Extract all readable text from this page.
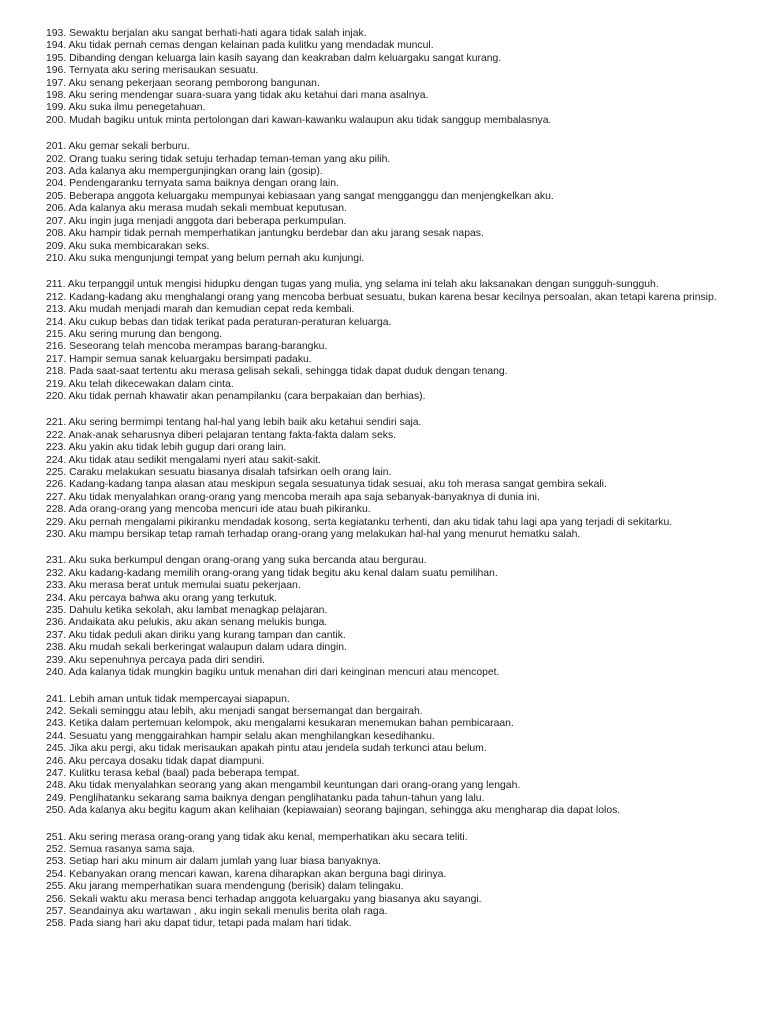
193. Sewaktu berjalan aku sangat berhati-hati agara tidak salah injak.
194. Aku tidak pernah cemas dengan kelainan pada kulitku yang mendadak muncul.
195. Dibanding dengan keluarga lain kasih sayang dan keakraban dalm keluargaku sangat kurang.
196. Ternyata aku sering merisaukan sesuatu.
197. Aku senang pekerjaan seorang pemborong bangunan.
198. Aku sering mendengar suara-suara yang tidak aku ketahui dari mana asalnya.
199. Aku suka ilmu penegetahuan.
200. Mudah bagiku untuk minta pertolongan dari kawan-kawanku walaupun aku tidak sanggup membalasnya.
201. Aku gemar sekali berburu.
202. Orang tuaku sering tidak setuju terhadap teman-teman yang aku pilih.
203. Ada kalanya aku mempergunjingkan orang lain (gosip).
204. Pendengaranku ternyata sama baiknya dengan orang lain.
205. Beberapa anggota keluargaku mempunyai kebiasaan yang sangat mengganggu dan menjengkelkan aku.
206. Ada kalanya aku merasa mudah sekali membuat keputusan.
207. Aku ingin juga menjadi anggota dari beberapa perkumpulan.
208. Aku hampir tidak pernah memperhatikan jantungku berdebar dan aku jarang sesak napas.
209. Aku suka membicarakan seks.
210. Aku suka mengunjungi tempat yang belum pernah aku kunjungi.
211. Aku terpanggil untuk mengisi hidupku dengan tugas yang mulia, yng selama ini telah aku laksanakan dengan sungguh-sungguh.
212. Kadang-kadang aku menghalangi orang yang mencoba berbuat sesuatu, bukan karena besar kecilnya persoalan, akan tetapi karena prinsip.
213. Aku mudah menjadi marah dan kemudian cepat reda kembali.
214. Aku cukup bebas dan tidak terikat pada peraturan-peraturan keluarga.
215. Aku sering murung dan bengong.
216. Seseorang telah mencoba merampas barang-barangku.
217. Hampir semua sanak keluargaku bersimpati padaku.
218. Pada saat-saat tertentu aku merasa gelisah sekali, sehingga tidak dapat duduk dengan tenang.
219. Aku telah dikecewakan dalam cinta.
220. Aku tidak pernah khawatir akan penampilanku (cara berpakaian dan berhias).
221. Aku sering bermimpi tentang hal-hal yang lebih baik aku ketahui sendiri saja.
222. Anak-anak seharusnya diberi pelajaran tentang fakta-fakta dalam seks.
223. Aku yakin aku tidak lebih gugup dari orang lain.
224. Aku tidak atau sedikit mengalami nyeri atau sakit-sakit.
225. Caraku melakukan sesuatu biasanya disalah tafsirkan oelh orang lain.
226. Kadang-kadang tanpa alasan atau meskipun segala sesuatunya tidak sesuai, aku toh merasa sangat gembira sekali.
227. Aku tidak menyalahkan orang-orang yang mencoba meraih apa saja sebanyak-banyaknya di dunia ini.
228. Ada orang-orang yang mencoba mencuri ide atau buah pikiranku.
229. Aku pernah mengalami pikiranku mendadak kosong, serta kegiatanku terhenti, dan aku tidak tahu lagi apa yang terjadi di sekitarku.
230. Aku mampu bersikap tetap ramah terhadap orang-orang yang melakukan hal-hal yang menurut hematku salah.
231. Aku suka berkumpul dengan orang-orang yang suka bercanda atau bergurau.
232. Aku kadang-kadang memilih orang-orang yang tidak begitu aku kenal dalam suatu pemilihan.
233. Aku merasa berat untuk memulai suatu pekerjaan.
234. Aku percaya bahwa aku orang yang terkutuk.
235. Dahulu ketika sekolah, aku lambat menagkap pelajaran.
236. Andaikata aku pelukis, aku akan senang melukis bunga.
237. Aku tidak peduli akan diriku yang kurang tampan dan cantik.
238. Aku mudah sekali berkeringat walaupun dalam udara dingin.
239. Aku sepenuhnya percaya pada diri sendiri.
240. Ada kalanya tidak mungkin bagiku untuk menahan diri dari keinginan mencuri atau mencopet.
241. Lebih aman untuk tidak mempercayai siapapun.
242. Sekali seminggu atau lebih, aku menjadi sangat bersemangat dan bergairah.
243. Ketika dalam pertemuan kelompok, aku mengalami kesukaran menemukan bahan pembicaraan.
244. Sesuatu yang menggairahkan hampir selalu akan menghilangkan kesedihanku.
245. Jika aku pergi, aku tidak merisaukan apakah pintu atau jendela sudah terkunci atau belum.
246. Aku percaya dosaku tidak dapat diampuni.
247. Kulitku terasa kebal (baal) pada beberapa tempat.
248. Aku tidak menyalahkan seorang yang akan mengambil keuntungan dari orang-orang yang lengah.
249. Penglihatanku sekarang sama baiknya dengan penglihatanku pada tahun-tahun yang lalu.
250. Ada kalanya aku begitu kagum akan kelihaian (kepiawaian) seorang bajingan, sehingga aku mengharap dia dapat lolos.
251. Aku sering merasa orang-orang yang tidak aku kenal, memperhatikan aku secara teliti.
252. Semua rasanya sama saja.
253. Setiap hari aku minum air dalam jumlah yang luar biasa banyaknya.
254. Kebanyakan orang mencari kawan, karena diharapkan akan berguna bagi dirinya.
255. Aku jarang memperhatikan suara mendengung (berisik) dalam telingaku.
256. Sekali waktu aku merasa benci terhadap anggota keluargaku yang biasanya aku sayangi.
257. Seandainya aku wartawan , aku ingin sekali menulis berita olah raga.
258. Pada siang hari aku dapat tidur, tetapi pada malam hari tidak.
